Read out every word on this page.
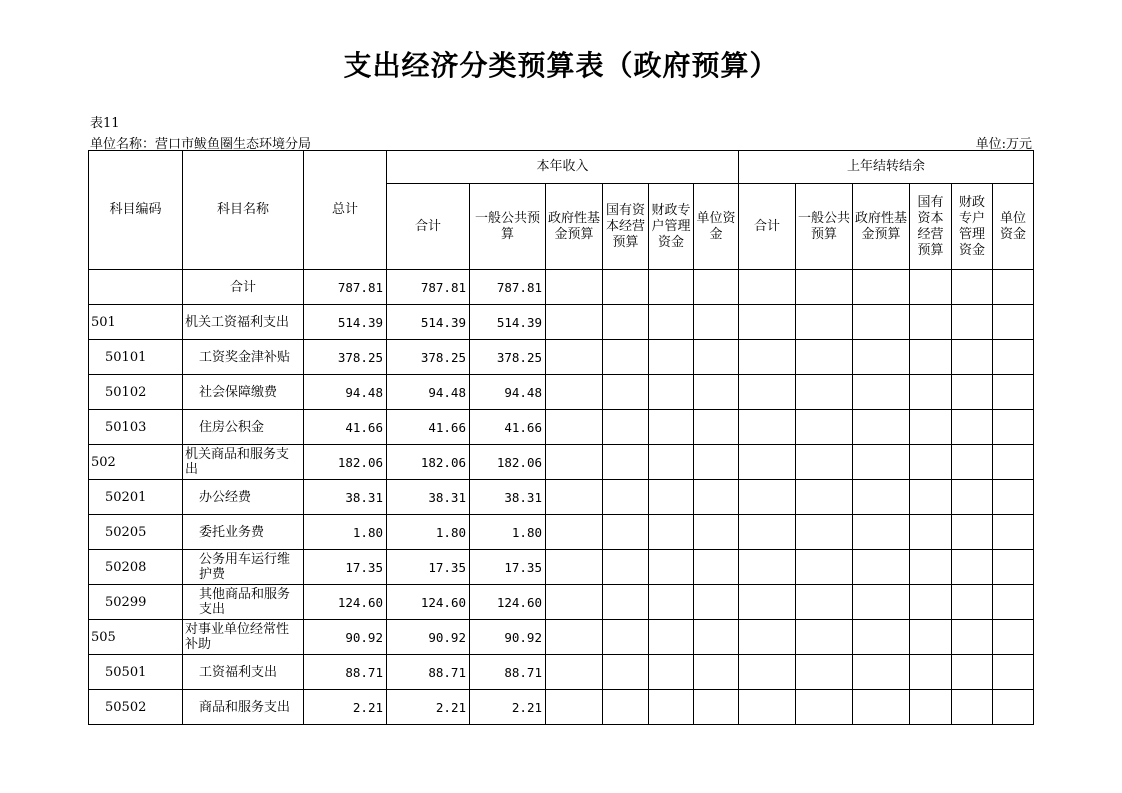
支出经济分类预算表（政府预算）
表11
单位名称：营口市鲅鱼圈生态环境分局	单位:万元
科目编码	科目名称	总计	本年收入						上年结转结余					
			合计	一般公共预算	政府性基金预算	国有资本经营预算	财政专户管理资金	单位资金	合计	一般公共预算	政府性基金预算	国有资本经营预算	财政专户管理资金	单位资金
	合计	787.81	787.81	787.81										
501	机关工资福利支出	514.39	514.39	514.39										
50101	工资奖金津补贴	378.25	378.25	378.25										
50102	社会保障缴费	94.48	94.48	94.48										
50103	住房公积金	41.66	41.66	41.66										
502	机关商品和服务支出	182.06	182.06	182.06										
50201	办公经费	38.31	38.31	38.31										
50205	委托业务费	1.80	1.80	1.80										
50208	公务用车运行维护费	17.35	17.35	17.35										
50299	其他商品和服务支出	124.60	124.60	124.60										
505	对事业单位经常性补助	90.92	90.92	90.92										
50501	工资福利支出	88.71	88.71	88.71										
50502	商品和服务支出	2.21	2.21	2.21										
